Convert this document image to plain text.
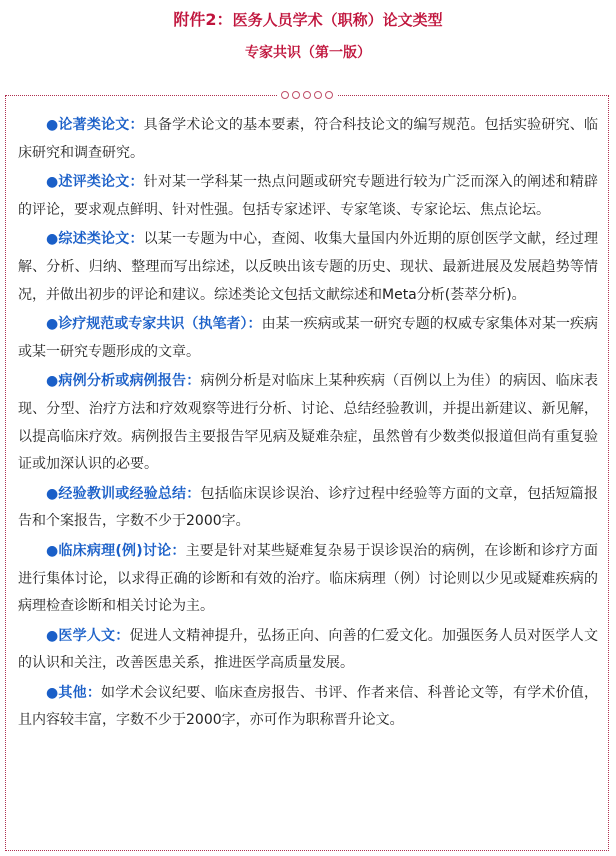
附件2：医务人员学术（职称）论文类型
专家共识（第一版）

●论著类论文：具备学术论文的基本要素，符合科技论文的编写规范。包括实验研究、临床研究和调查研究。

●述评类论文：针对某一学科某一热点问题或研究专题进行较为广泛而深入的阐述和精辟的评论，要求观点鲜明、针对性强。包括专家述评、专家笔谈、专家论坛、焦点论坛。

●综述类论文：以某一专题为中心，查阅、收集大量国内外近期的原创医学文献，经过理解、分析、归纳、整理而写出综述，以反映出该专题的历史、现状、最新进展及发展趋势等情况，并做出初步的评论和建议。综述类论文包括文献综述和Meta分析(荟萃分析)。

●诊疗规范或专家共识（执笔者）：由某一疾病或某一研究专题的权威专家集体对某一疾病或某一研究专题形成的文章。

●病例分析或病例报告：病例分析是对临床上某种疾病（百例以上为佳）的病因、临床表现、分型、治疗方法和疗效观察等进行分析、讨论、总结经验教训，并提出新建议、新见解，以提高临床疗效。病例报告主要报告罕见病及疑难杂症，虽然曾有少数类似报道但尚有重复验证或加深认识的必要。

●经验教训或经验总结：包括临床误诊误治、诊疗过程中经验等方面的文章，包括短篇报告和个案报告，字数不少于2000字。

●临床病理(例)讨论：主要是针对某些疑难复杂易于误诊误治的病例，在诊断和诊疗方面进行集体讨论，以求得正确的诊断和有效的治疗。临床病理（例）讨论则以少见或疑难疾病的病理检查诊断和相关讨论为主。

●医学人文：促进人文精神提升，弘扬正向、向善的仁爱文化。加强医务人员对医学人文的认识和关注，改善医患关系，推进医学高质量发展。

●其他：如学术会议纪要、临床查房报告、书评、作者来信、科普论文等，有学术价值，且内容较丰富，字数不少于2000字，亦可作为职称晋升论文。
